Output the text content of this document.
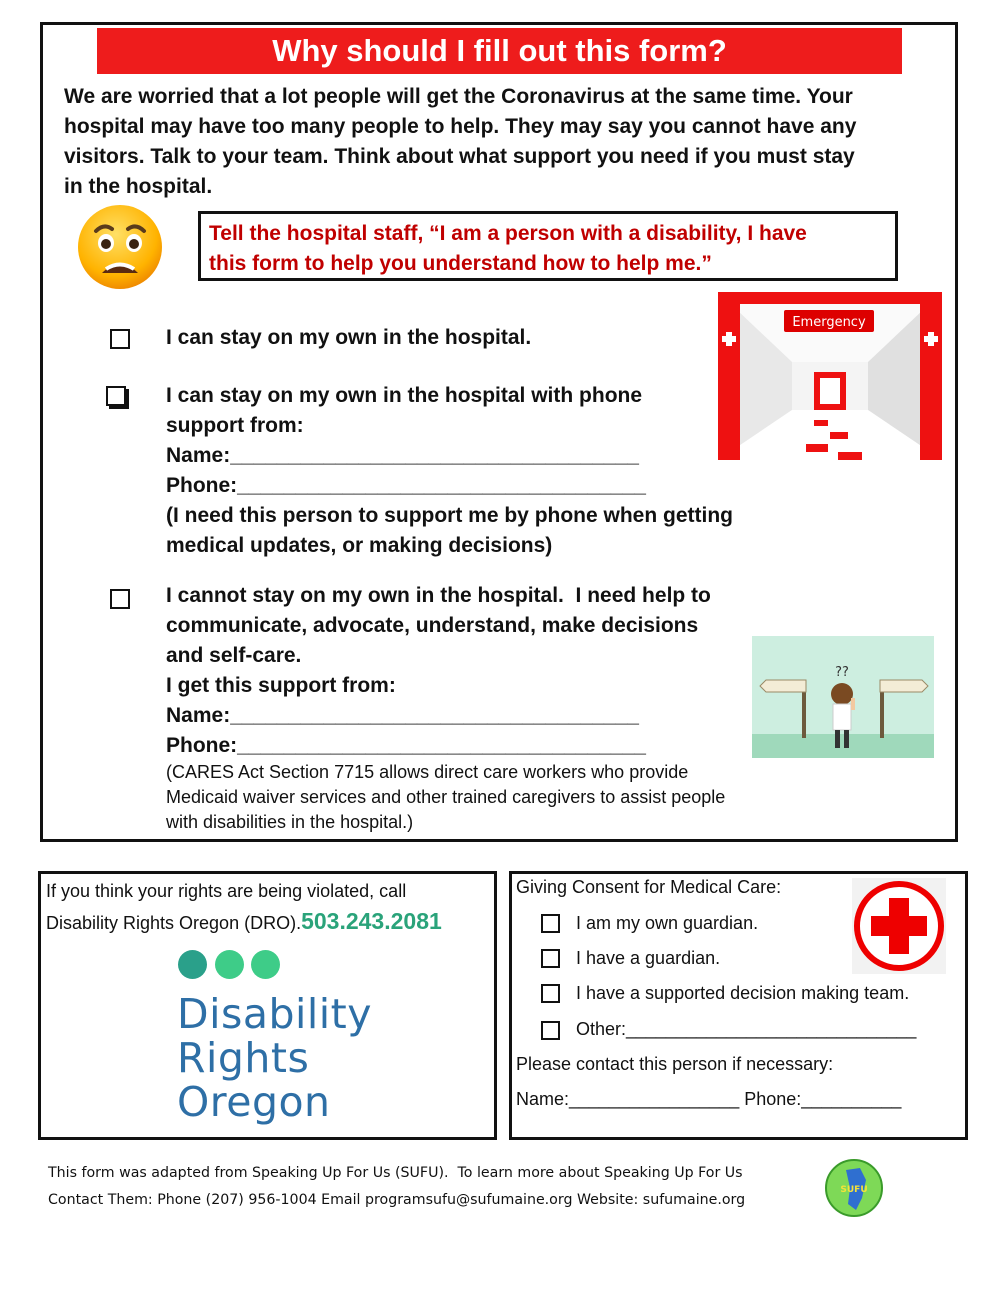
Why should I fill out this form?
We are worried that a lot people will get the Coronavirus at the same time. Your
hospital may have too many people to help. They may say you cannot have any
visitors. Talk to your team. Think about what support you need if you must stay
in the hospital.
Tell the hospital staff, “I am a person with a disability, I have
this form to help you understand how to help me.”
Emergency
I can stay on my own in the hospital.
I can stay on my own in the hospital with phone
support from:
Name:___________________________________
Phone:___________________________________
(I need this person to support me by phone when getting
medical updates, or making decisions)
I cannot stay on my own in the hospital.  I need help to
communicate, advocate, understand, make decisions
and self-care.
I get this support from:
Name:___________________________________
Phone:___________________________________
(CARES Act Section 7715 allows direct care workers who provide
Medicaid waiver services and other trained caregivers to assist people
with disabilities in the hospital.)
??
If you think your rights are being violated, call
Disability Rights Oregon (DRO).503.243.2081
Disability
Rights
Oregon
Giving Consent for Medical Care:
I am my own guardian.
I have a guardian.
I have a supported decision making team.
Other:_____________________________
Please contact this person if necessary:
Name:_________________ Phone:__________
This form was adapted from Speaking Up For Us (SUFU).  To learn more about Speaking Up For Us
Contact Them: Phone (207) 956-1004 Email programsufu@sufumaine.org Website: sufumaine.org
SUFU
